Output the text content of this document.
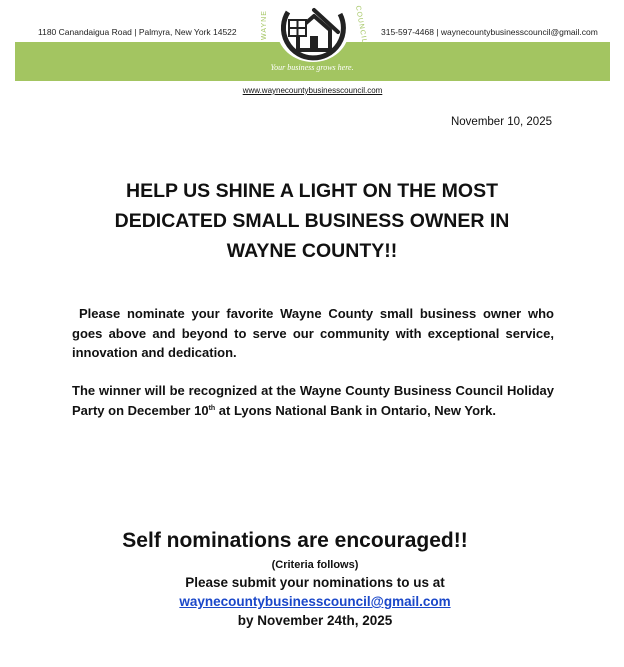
1180 Canandaigua Road | Palmyra, New York 14522	315-597-4468 | waynecountybusinesscouncil@gmail.com
Your business grows here.
WAYNE	COUNCIL
www.waynecountybusinesscouncil.com
November 10, 2025
HELP US SHINE A LIGHT ON THE MOST
DEDICATED SMALL BUSINESS OWNER IN
WAYNE COUNTY!!
Please nominate your favorite Wayne County small business owner who goes above and beyond to serve our community with exceptional service, innovation and dedication.
The winner will be recognized at the Wayne County Business Council Holiday Party on December 10th at Lyons National Bank in Ontario, New York.
Self nominations are encouraged!!
(Criteria follows)
Please submit your nominations to us at
waynecountybusinesscouncil@gmail.com
by November 24th, 2025
